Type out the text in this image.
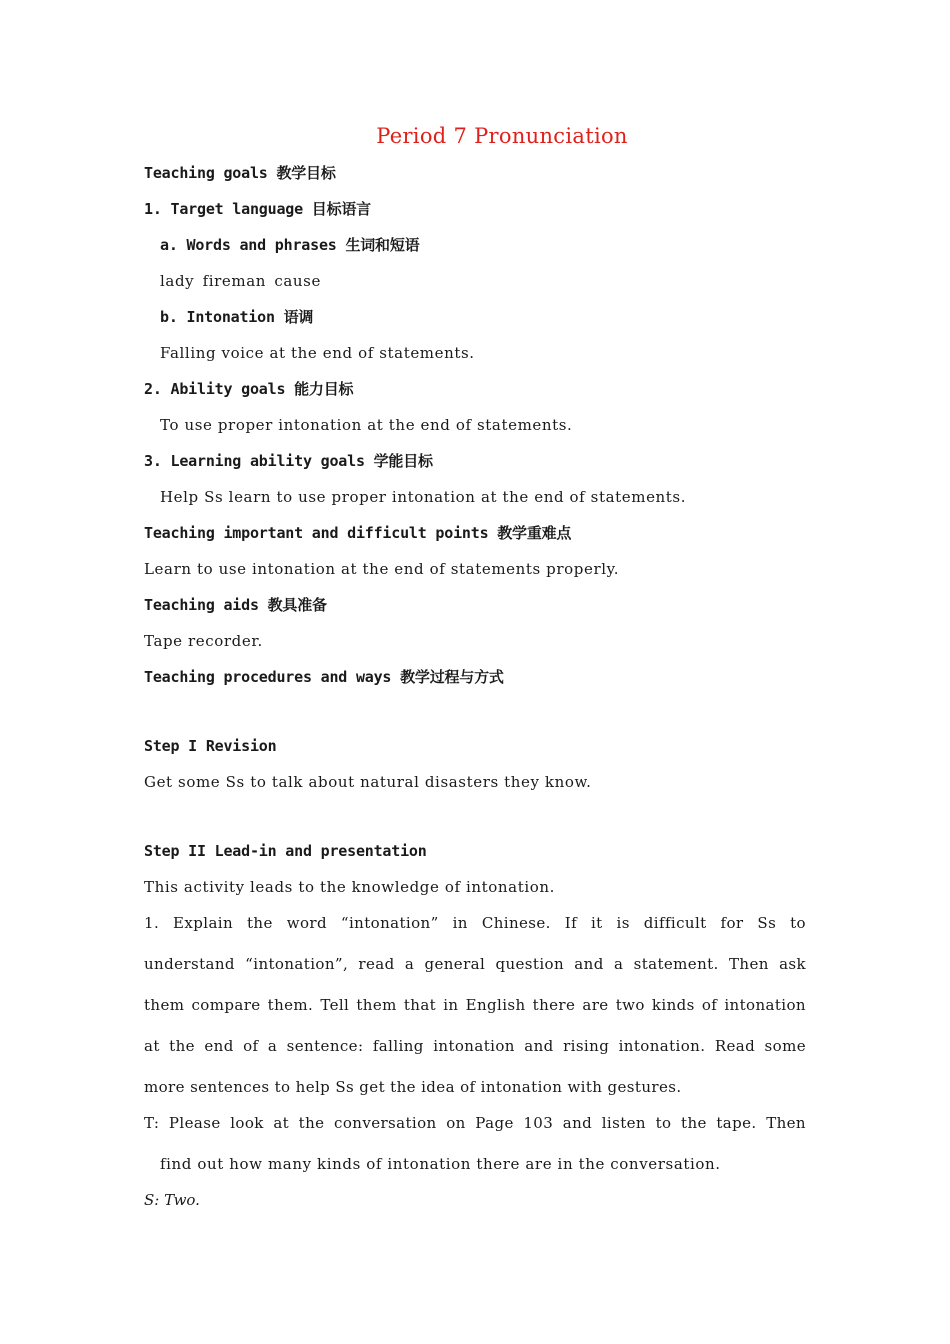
Period 7 Pronunciation
Teaching goals 教学目标
1. Target language 目标语言
a. Words and phrases 生词和短语
lady fireman cause
b. Intonation 语调
Falling voice at the end of statements.
2. Ability goals 能力目标
To use proper intonation at the end of statements.
3. Learning ability goals 学能目标
Help Ss learn to use proper intonation at the end of statements.
Teaching important and difficult points 教学重难点
Learn to use intonation at the end of statements properly.
Teaching aids 教具准备
Tape recorder.
Teaching procedures and ways 教学过程与方式
Step I Revision
Get some Ss to talk about natural disasters they know.
Step II Lead-in and presentation
This activity leads to the knowledge of intonation.
1. Explain the word “intonation” in Chinese. If it is difficult for Ss to
understand “intonation”, read a general question and a statement. Then ask
them compare them. Tell them that in English there are two kinds of intonation
at the end of a sentence: falling intonation and rising intonation. Read some
more sentences to help Ss get the idea of intonation with gestures.
T: Please look at the conversation on Page 103 and listen to the tape. Then
find out how many kinds of intonation there are in the conversation.
S: Two.
